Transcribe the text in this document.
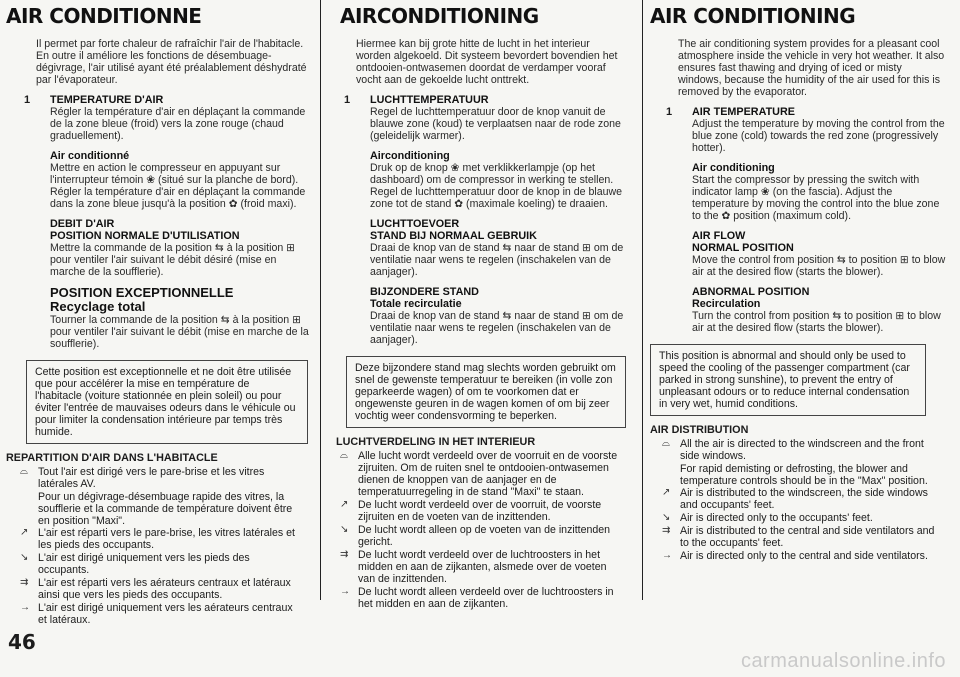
AIR CONDITIONNE

Il permet par forte chaleur de rafraîchir l'air de l'habitacle. En outre il améliore les fonctions de désembuage-dégivrage, l'air utilisé ayant été préalablement déshydraté par l'évaporateur.

1 TEMPERATURE D'AIR

Régler la température d'air en déplaçant la commande de la zone bleue (froid) vers la zone rouge (chaud graduellement).

Air conditionné

Mettre en action le compresseur en appuyant sur l'interrupteur témoin ❀ (situé sur la planche de bord). Régler la température d'air en déplaçant la commande dans la zone bleue jusqu'à la position ✿ (froid maxi).

DEBIT D'AIR
POSITION NORMALE D'UTILISATION

Mettre la commande de la position ⇆ à la position ⊞ pour ventiler l'air suivant le débit désiré (mise en marche de la soufflerie).

POSITION EXCEPTIONNELLE
Recyclage total

Tourner la commande de la position ⇆ à la position ⊞ pour ventiler l'air suivant le débit (mise en marche de la soufflerie).

Cette position est exceptionnelle et ne doit être utilisée que pour accélérer la mise en température de l'habitacle (voiture stationnée en plein soleil) ou pour éviter l'entrée de mauvaises odeurs dans le véhicule ou pour limiter la condensation intérieure par temps très humide.
REPARTITION D'AIR DANS L'HABITACLE
⌓ Tout l'air est dirigé vers le pare-brise et les vitres latérales AV.
Pour un dégivrage-désembuage rapide des vitres, la soufflerie et la commande de température doivent être en position "Maxi".
↗ L'air est réparti vers le pare-brise, les vitres latérales et les pieds des occupants.
↘ L'air est dirigé uniquement vers les pieds des occupants.
⇉ L'air est réparti vers les aérateurs centraux et latéraux ainsi que vers les pieds des occupants.
→ L'air est dirigé uniquement vers les aérateurs centraux et latéraux.
AIRCONDITIONING

Hiermee kan bij grote hitte de lucht in het interieur worden algekoeld. Dit systeem bevordert bovendien het ontdooien-ontwasemen doordat de verdamper vooraf vocht aan de gekoelde lucht onttrekt.

1 LUCHTTEMPERATUUR

Regel de luchttemperatuur door de knop vanuit de blauwe zone (koud) te verplaatsen naar de rode zone (geleidelijk warmer).

Airconditioning

Druk op de knop ❀ met verklikkerlampje (op het dashboard) om de compressor in werking te stellen. Regel de luchttemperatuur door de knop in de blauwe zone tot de stand ✿ (maximale koeling) te draaien.

LUCHTTOEVOER
STAND BIJ NORMAAL GEBRUIK

Draai de knop van de stand ⇆ naar de stand ⊞ om de ventilatie naar wens te regelen (inschakelen van de aanjager).

BIJZONDERE STAND
Totale recirculatie

Draai de knop van de stand ⇆ naar de stand ⊞ om de ventilatie naar wens te regelen (inschakelen van de aanjager).

Deze bijzondere stand mag slechts worden gebruikt om snel de gewenste temperatuur te bereiken (in volle zon geparkeerde wagen) of om te voorkomen dat er ongewenste geuren in de wagen komen of om bij zeer vochtig weer condensvorming te beperken.
LUCHTVERDELING IN HET INTERIEUR
⌓ Alle lucht wordt verdeeld over de voorruit en de voorste zijruiten. Om de ruiten snel te ontdooien-ontwasemen dienen de knoppen van de aanjager en de temperatuurregeling in de stand "Maxi" te staan.
↗ De lucht wordt verdeeld over de voorruit, de voorste zijruiten en de voeten van de inzittenden.
↘ De lucht wordt alleen op de voeten van de inzittenden gericht.
⇉ De lucht wordt verdeeld over de luchtroosters in het midden en aan de zijkanten, alsmede over de voeten van de inzittenden.
→ De lucht wordt alleen verdeeld over de luchtroosters in het midden en aan de zijkanten.
AIR CONDITIONING

The air conditioning system provides for a pleasant cool atmosphere inside the vehicle in very hot weather. It also ensures fast thawing and drying of iced or misty windows, because the humidity of the air used for this is removed by the evaporator.

1 AIR TEMPERATURE

Adjust the temperature by moving the control from the blue zone (cold) towards the red zone (progressively hotter).

Air conditioning

Start the compressor by pressing the switch with indicator lamp ❀ (on the fascia). Adjust the temperature by moving the control into the blue zone to the ✿ position (maximum cold).

AIR FLOW
NORMAL POSITION

Move the control from position ⇆ to position ⊞ to blow air at the desired flow (starts the blower).

ABNORMAL POSITION
Recirculation

Turn the control from position ⇆ to position ⊞ to blow air at the desired flow (starts the blower).

This position is abnormal and should only be used to speed the cooling of the passenger compartment (car parked in strong sunshine), to prevent the entry of unpleasant odours or to reduce internal condensation in very wet, humid conditions.
AIR DISTRIBUTION
⌓ All the air is directed to the windscreen and the front side windows.
For rapid demisting or defrosting, the blower and temperature controls should be in the "Max" position.
↗ Air is distributed to the windscreen, the side windows and occupants' feet.
↘ Air is directed only to the occupants' feet.
⇉ Air is distributed to the central and side ventilators and to the occupants' feet.
→ Air is directed only to the central and side ventilators.
46
carmanualsonline.info
